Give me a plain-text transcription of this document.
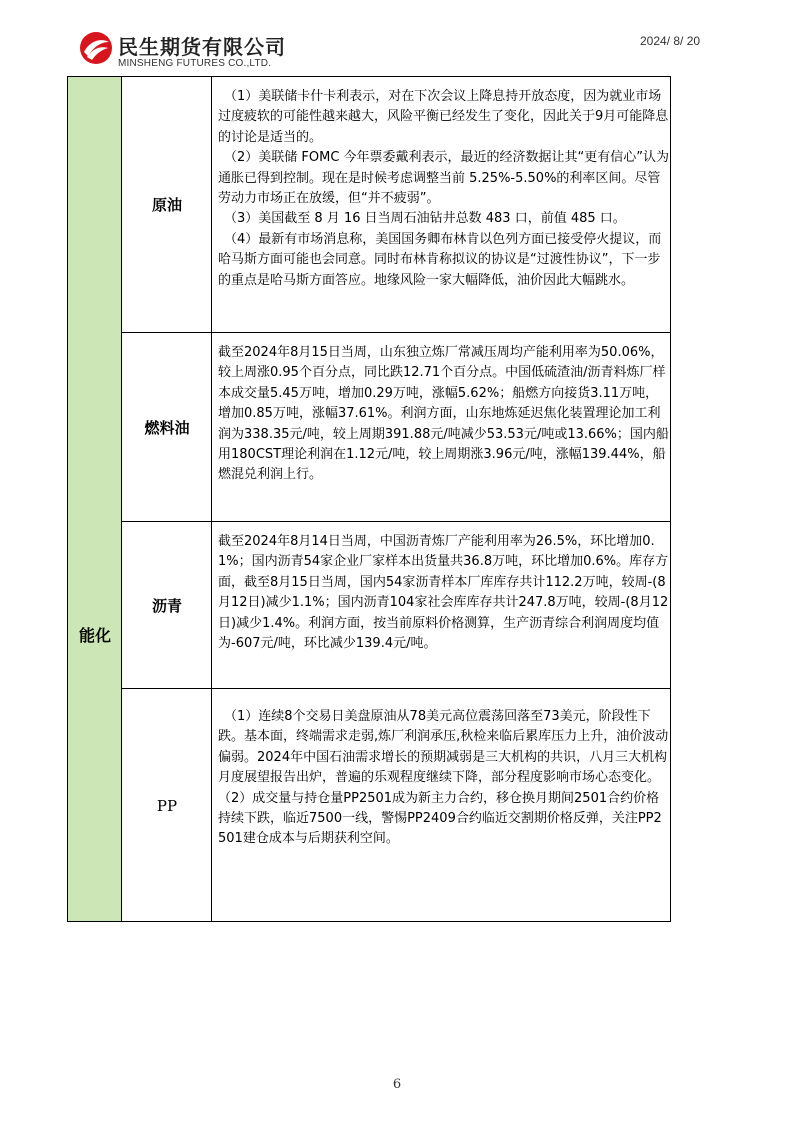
民生期货有限公司
MINSHENG FUTURES CO.,LTD.
2024/ 8/ 20
能化
原油

（1）美联储卡什卡利表示，对在下次会议上降息持开放态度，因为就业市场过度疲软的可能性越来越大，风险平衡已经发生了变化，因此关于9月可能降息的讨论是适当的。

（2）美联储 FOMC 今年票委戴利表示，最近的经济数据让其“更有信心”认为通胀已得到控制。现在是时候考虑调整当前 5.25%-5.50%的利率区间。尽管劳动力市场正在放缓，但“并不疲弱”。

（3）美国截至 8 月 16 日当周石油钻井总数 483 口，前值 485 口。

（4）最新有市场消息称，美国国务卿布林肯以色列方面已接受停火提议，而哈马斯方面可能也会同意。同时布林肯称拟议的协议是“过渡性协议”，下一步的重点是哈马斯方面答应。地缘风险一家大幅降低，油价因此大幅跳水。

燃料油

截至2024年8月15日当周，山东独立炼厂常减压周均产能利用率为50.06%，较上周涨0.95个百分点，同比跌12.71个百分点。中国低硫渣油/沥青料炼厂样本成交量5.45万吨，增加0.29万吨，涨幅5.62%；船燃方向接货3.11万吨，增加0.85万吨，涨幅37.61%。利润方面，山东地炼延迟焦化装置理论加工利润为338.35元/吨，较上周期391.88元/吨减少53.53元/吨或13.66%；国内船用180CST理论利润在1.12元/吨，较上周期涨3.96元/吨，涨幅139.44%，船燃混兑利润上行。

沥青

截至2024年8月14日当周，中国沥青炼厂产能利用率为26.5%，环比增加0.1%；国内沥青54家企业厂家样本出货量共36.8万吨，环比增加0.6%。库存方面，截至8月15日当周，国内54家沥青样本厂库库存共计112.2万吨，较周-(8月12日)减少1.1%；国内沥青104家社会库库存共计247.8万吨，较周-(8月12日)减少1.4%。利润方面，按当前原料价格测算，生产沥青综合利润周度均值为-607元/吨，环比减少139.4元/吨。

PP

（1）连续8个交易日美盘原油从78美元高位震荡回落至73美元，阶段性下跌。基本面，终端需求走弱,炼厂利润承压,秋检来临后累库压力上升，油价波动偏弱。2024年中国石油需求增长的预期减弱是三大机构的共识，八月三大机构月度展望报告出炉，普遍的乐观程度继续下降，部分程度影响市场心态变化。（2）成交量与持仓量PP2501成为新主力合约，移仓换月期间2501合约价格持续下跌，临近7500一线，警惕PP2409合约临近交割期价格反弹，关注PP2501建仓成本与后期获利空间。

6
